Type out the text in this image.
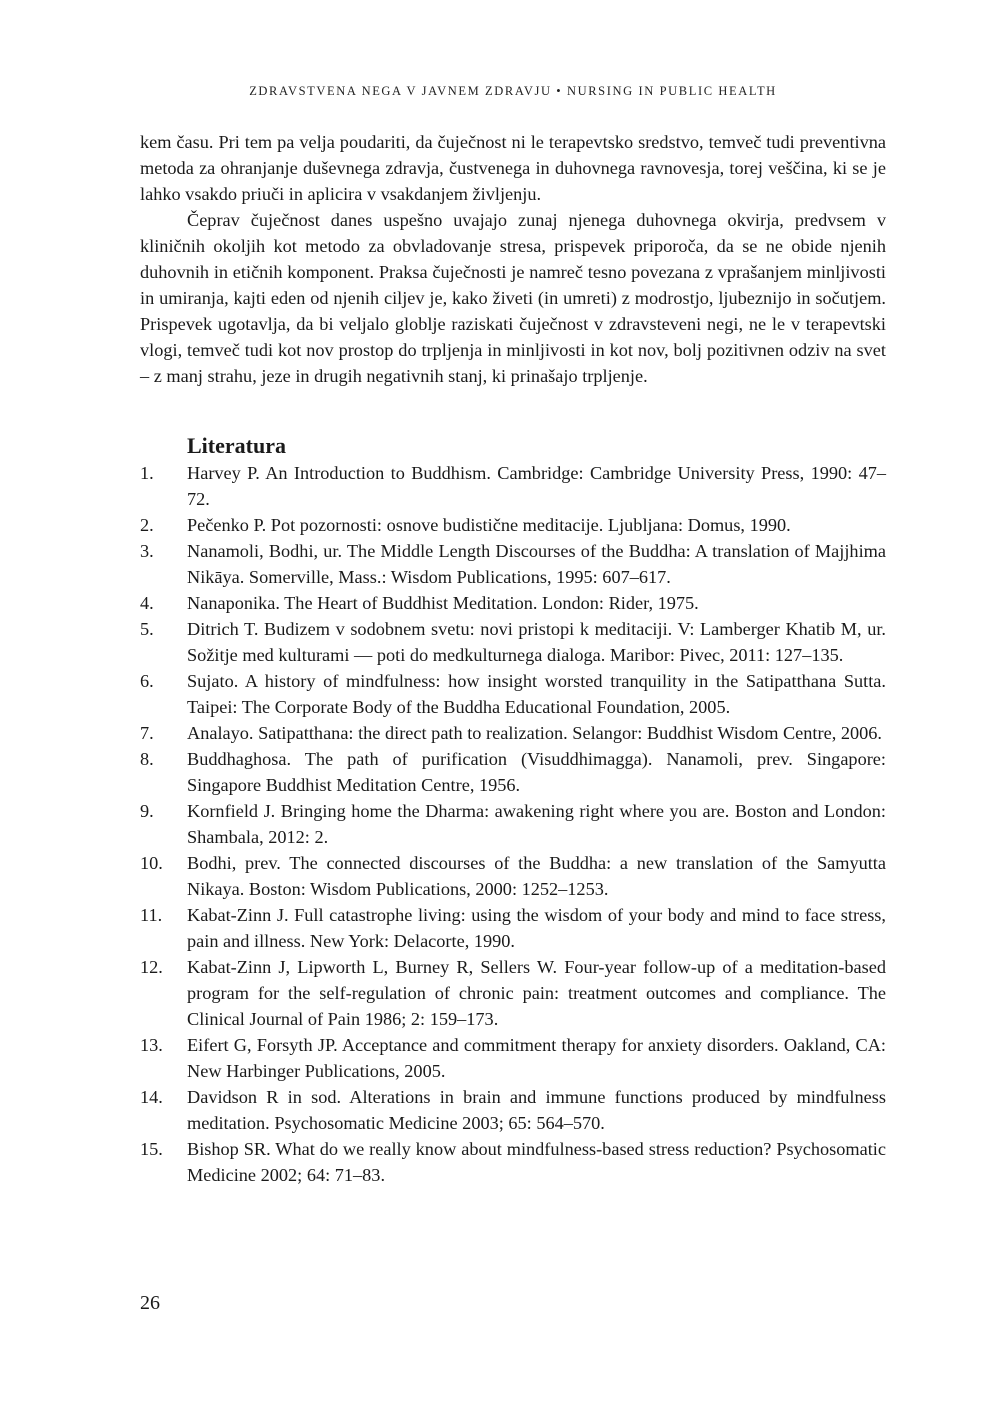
ZDRAVSTVENA NEGA V JAVNEM ZDRAVJU • NURSING IN PUBLIC HEALTH

kem času. Pri tem pa velja poudariti, da čuječnost ni le terapevtsko sredstvo, temveč tudi preventivna metoda za ohranjanje duševnega zdravja, čustvenega in duhovnega ravnovesja, torej veščina, ki se je lahko vsakdo priuči in aplicira v vsakdanjem življenju.

Čeprav čuječnost danes uspešno uvajajo zunaj njenega duhovnega okvirja, predvsem v kliničnih okoljih kot metodo za obvladovanje stresa, prispevek priporoča, da se ne obide njenih duhovnih in etičnih komponent. Praksa čuječnosti je namreč tesno povezana z vprašanjem minljivosti in umiranja, kajti eden od njenih ciljev je, kako živeti (in umreti) z modrostjo, ljubeznijo in sočutjem. Prispevek ugotavlja, da bi veljalo globlje raziskati čuječnost v zdravsteveni negi, ne le v terapevtski vlogi, temveč tudi kot nov prostop do trpljenja in minljivosti in kot nov, bolj pozitivnen odziv na svet – z manj strahu, jeze in drugih negativnih stanj, ki prinašajo trpljenje.

Literatura
1.	Harvey P. An Introduction to Buddhism. Cambridge: Cambridge University Press, 1990: 47–72.
2.	Pečenko P. Pot pozornosti: osnove budistične meditacije. Ljubljana: Domus, 1990.
3.	Nanamoli, Bodhi, ur. The Middle Length Discourses of the Buddha: A translation of Majjhima Nikāya. Somerville, Mass.: Wisdom Publications, 1995: 607–617.
4.	Nanaponika. The Heart of Buddhist Meditation. London: Rider, 1975.
5.	Ditrich T. Budizem v sodobnem svetu: novi pristopi k meditaciji. V: Lamberger Khatib M, ur. Sožitje med kulturami — poti do medkulturnega dialoga. Maribor: Pivec, 2011: 127–135.
6.	Sujato. A history of mindfulness: how insight worsted tranquility in the Satipatthana Sutta. Taipei: The Corporate Body of the Buddha Educational Foundation, 2005.
7.	Analayo. Satipatthana: the direct path to realization. Selangor: Buddhist Wisdom Centre, 2006.
8.	Buddhaghosa. The path of purification (Visuddhimagga). Nanamoli, prev. Singapore: Singapore Buddhist Meditation Centre, 1956.
9.	Kornfield J. Bringing home the Dharma: awakening right where you are. Boston and London: Shambala, 2012: 2.
10.	Bodhi, prev. The connected discourses of the Buddha: a new translation of the Samyutta Nikaya. Boston: Wisdom Publications, 2000: 1252–1253.
11.	Kabat-Zinn J. Full catastrophe living: using the wisdom of your body and mind to face stress, pain and illness. New York: Delacorte, 1990.
12.	Kabat-Zinn J, Lipworth L, Burney R, Sellers W. Four-year follow-up of a meditation-based program for the self-regulation of chronic pain: treatment outcomes and compliance. The Clinical Journal of Pain 1986; 2: 159–173.
13.	Eifert G, Forsyth JP. Acceptance and commitment therapy for anxiety disorders. Oakland, CA: New Harbinger Publications, 2005.
14.	Davidson R in sod. Alterations in brain and immune functions produced by mindfulness meditation. Psychosomatic Medicine 2003; 65: 564–570.
15.	Bishop SR. What do we really know about mindfulness-based stress reduction? Psychosomatic Medicine 2002; 64: 71–83.
26
